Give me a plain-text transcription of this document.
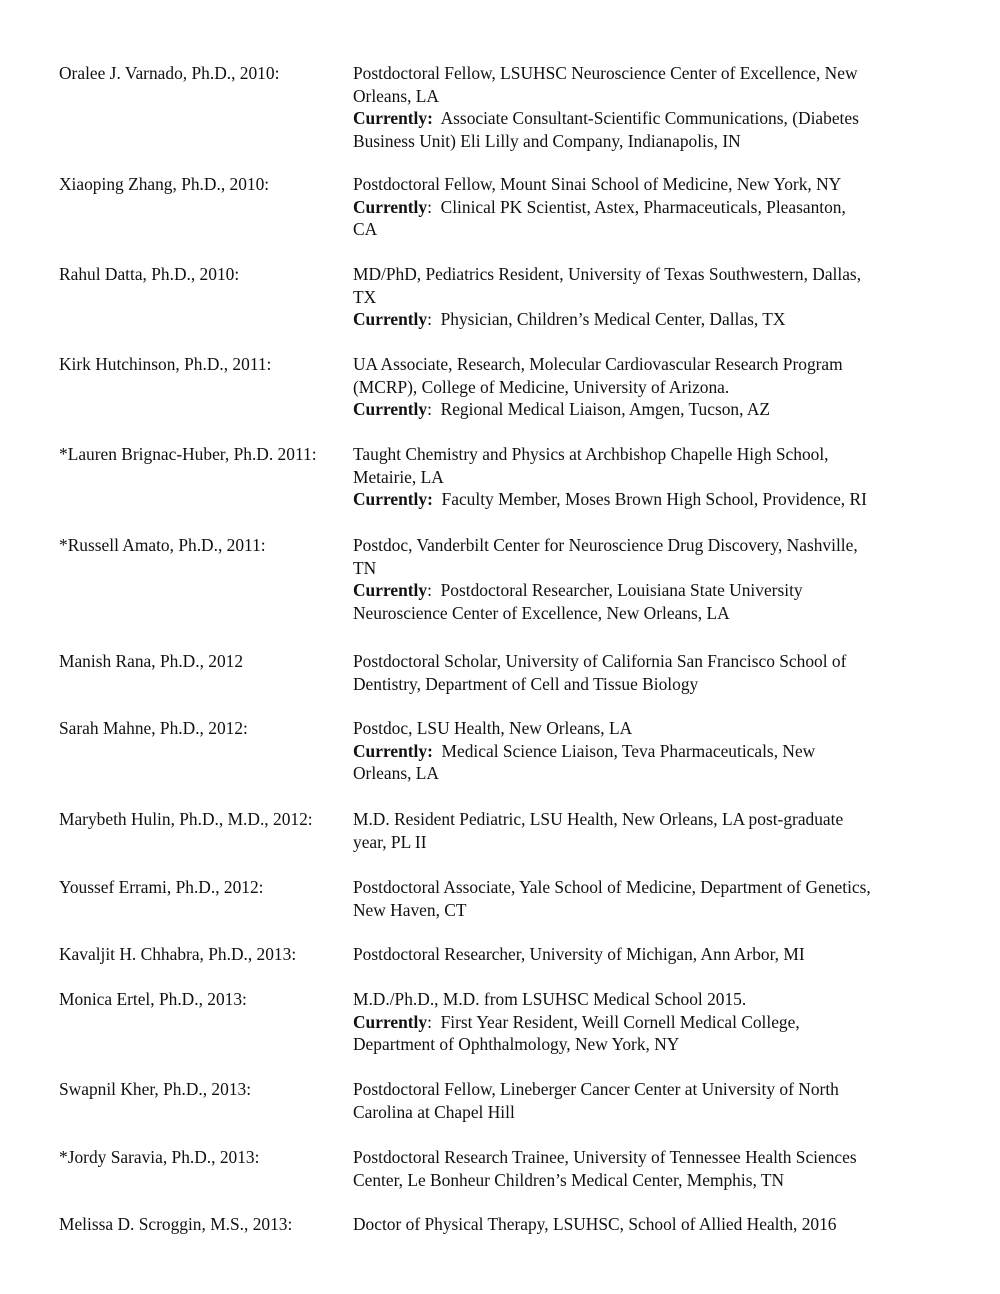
Oralee J. Varnado, Ph.D., 2010:	Postdoctoral Fellow, LSUHSC Neuroscience Center of Excellence, New
Orleans, LA
Currently:  Associate Consultant-Scientific Communications, (Diabetes
Business Unit) Eli Lilly and Company, Indianapolis, IN
Xiaoping Zhang, Ph.D., 2010:	Postdoctoral Fellow, Mount Sinai School of Medicine, New York, NY
Currently:  Clinical PK Scientist, Astex, Pharmaceuticals, Pleasanton,
CA
Rahul Datta, Ph.D., 2010:	MD/PhD, Pediatrics Resident, University of Texas Southwestern, Dallas,
TX
Currently:  Physician, Children’s Medical Center, Dallas, TX
Kirk Hutchinson, Ph.D., 2011:	UA Associate, Research, Molecular Cardiovascular Research Program
(MCRP), College of Medicine, University of Arizona.
Currently:  Regional Medical Liaison, Amgen, Tucson, AZ
*Lauren Brignac-Huber, Ph.D. 2011: Taught Chemistry and Physics at Archbishop Chapelle High School,
Metairie, LA
Currently:  Faculty Member, Moses Brown High School, Providence, RI
*Russell Amato, Ph.D., 2011:	Postdoc, Vanderbilt Center for Neuroscience Drug Discovery, Nashville,
TN
Currently:  Postdoctoral Researcher, Louisiana State University
Neuroscience Center of Excellence, New Orleans, LA
Manish Rana, Ph.D., 2012	Postdoctoral Scholar, University of California San Francisco School of
Dentistry, Department of Cell and Tissue Biology
Sarah Mahne, Ph.D., 2012:	Postdoc, LSU Health, New Orleans, LA
Currently:  Medical Science Liaison, Teva Pharmaceuticals, New
Orleans, LA
Marybeth Hulin, Ph.D., M.D., 2012: M.D. Resident Pediatric, LSU Health, New Orleans, LA post-graduate
year, PL II
Youssef Errami, Ph.D., 2012:	Postdoctoral Associate, Yale School of Medicine, Department of Genetics,
New Haven, CT
Kavaljit H. Chhabra, Ph.D., 2013:	Postdoctoral Researcher, University of Michigan, Ann Arbor, MI
Monica Ertel, Ph.D., 2013:	M.D./Ph.D., M.D. from LSUHSC Medical School 2015.
Currently:  First Year Resident, Weill Cornell Medical College,
Department of Ophthalmology, New York, NY
Swapnil Kher, Ph.D., 2013:	Postdoctoral Fellow, Lineberger Cancer Center at University of North
Carolina at Chapel Hill
*Jordy Saravia, Ph.D., 2013:	Postdoctoral Research Trainee, University of Tennessee Health Sciences
Center, Le Bonheur Children’s Medical Center, Memphis, TN
Melissa D. Scroggin, M.S., 2013:	Doctor of Physical Therapy, LSUHSC, School of Allied Health, 2016
